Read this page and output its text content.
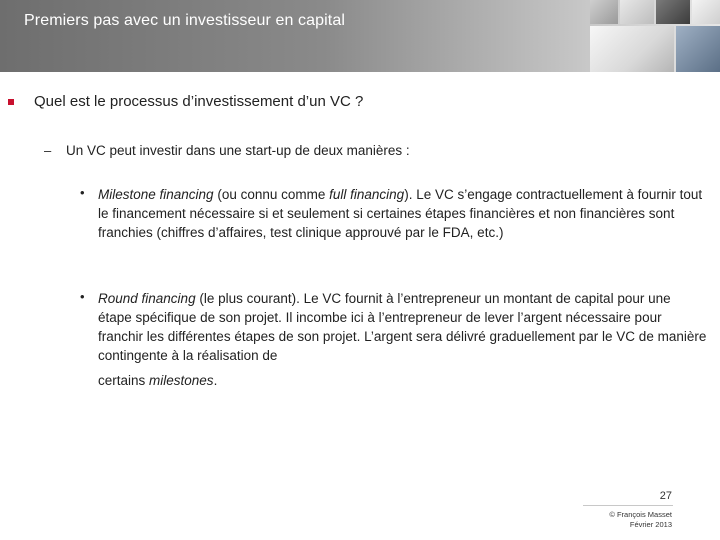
Premiers pas avec un investisseur en capital
Quel est le processus d’investissement d’un VC ?
– Un VC peut investir dans une start-up de deux manières :
• Milestone financing (ou connu comme full financing). Le VC s’engage contractuellement à fournir tout le financement nécessaire si et seulement si certaines étapes financières et non financières sont franchies (chiffres d’affaires, test clinique approuvé par le FDA, etc.)
• Round financing (le plus courant). Le VC fournit à l’entrepreneur un montant de capital pour une étape spécifique de son projet. Il incombe ici à l’entrepreneur de lever l’argent nécessaire pour franchir les différentes étapes de son projet. L’argent sera délivré graduellement par le VC de manière contingente à la réalisation de
certains milestones.
27
© François Masset
Février 2013
